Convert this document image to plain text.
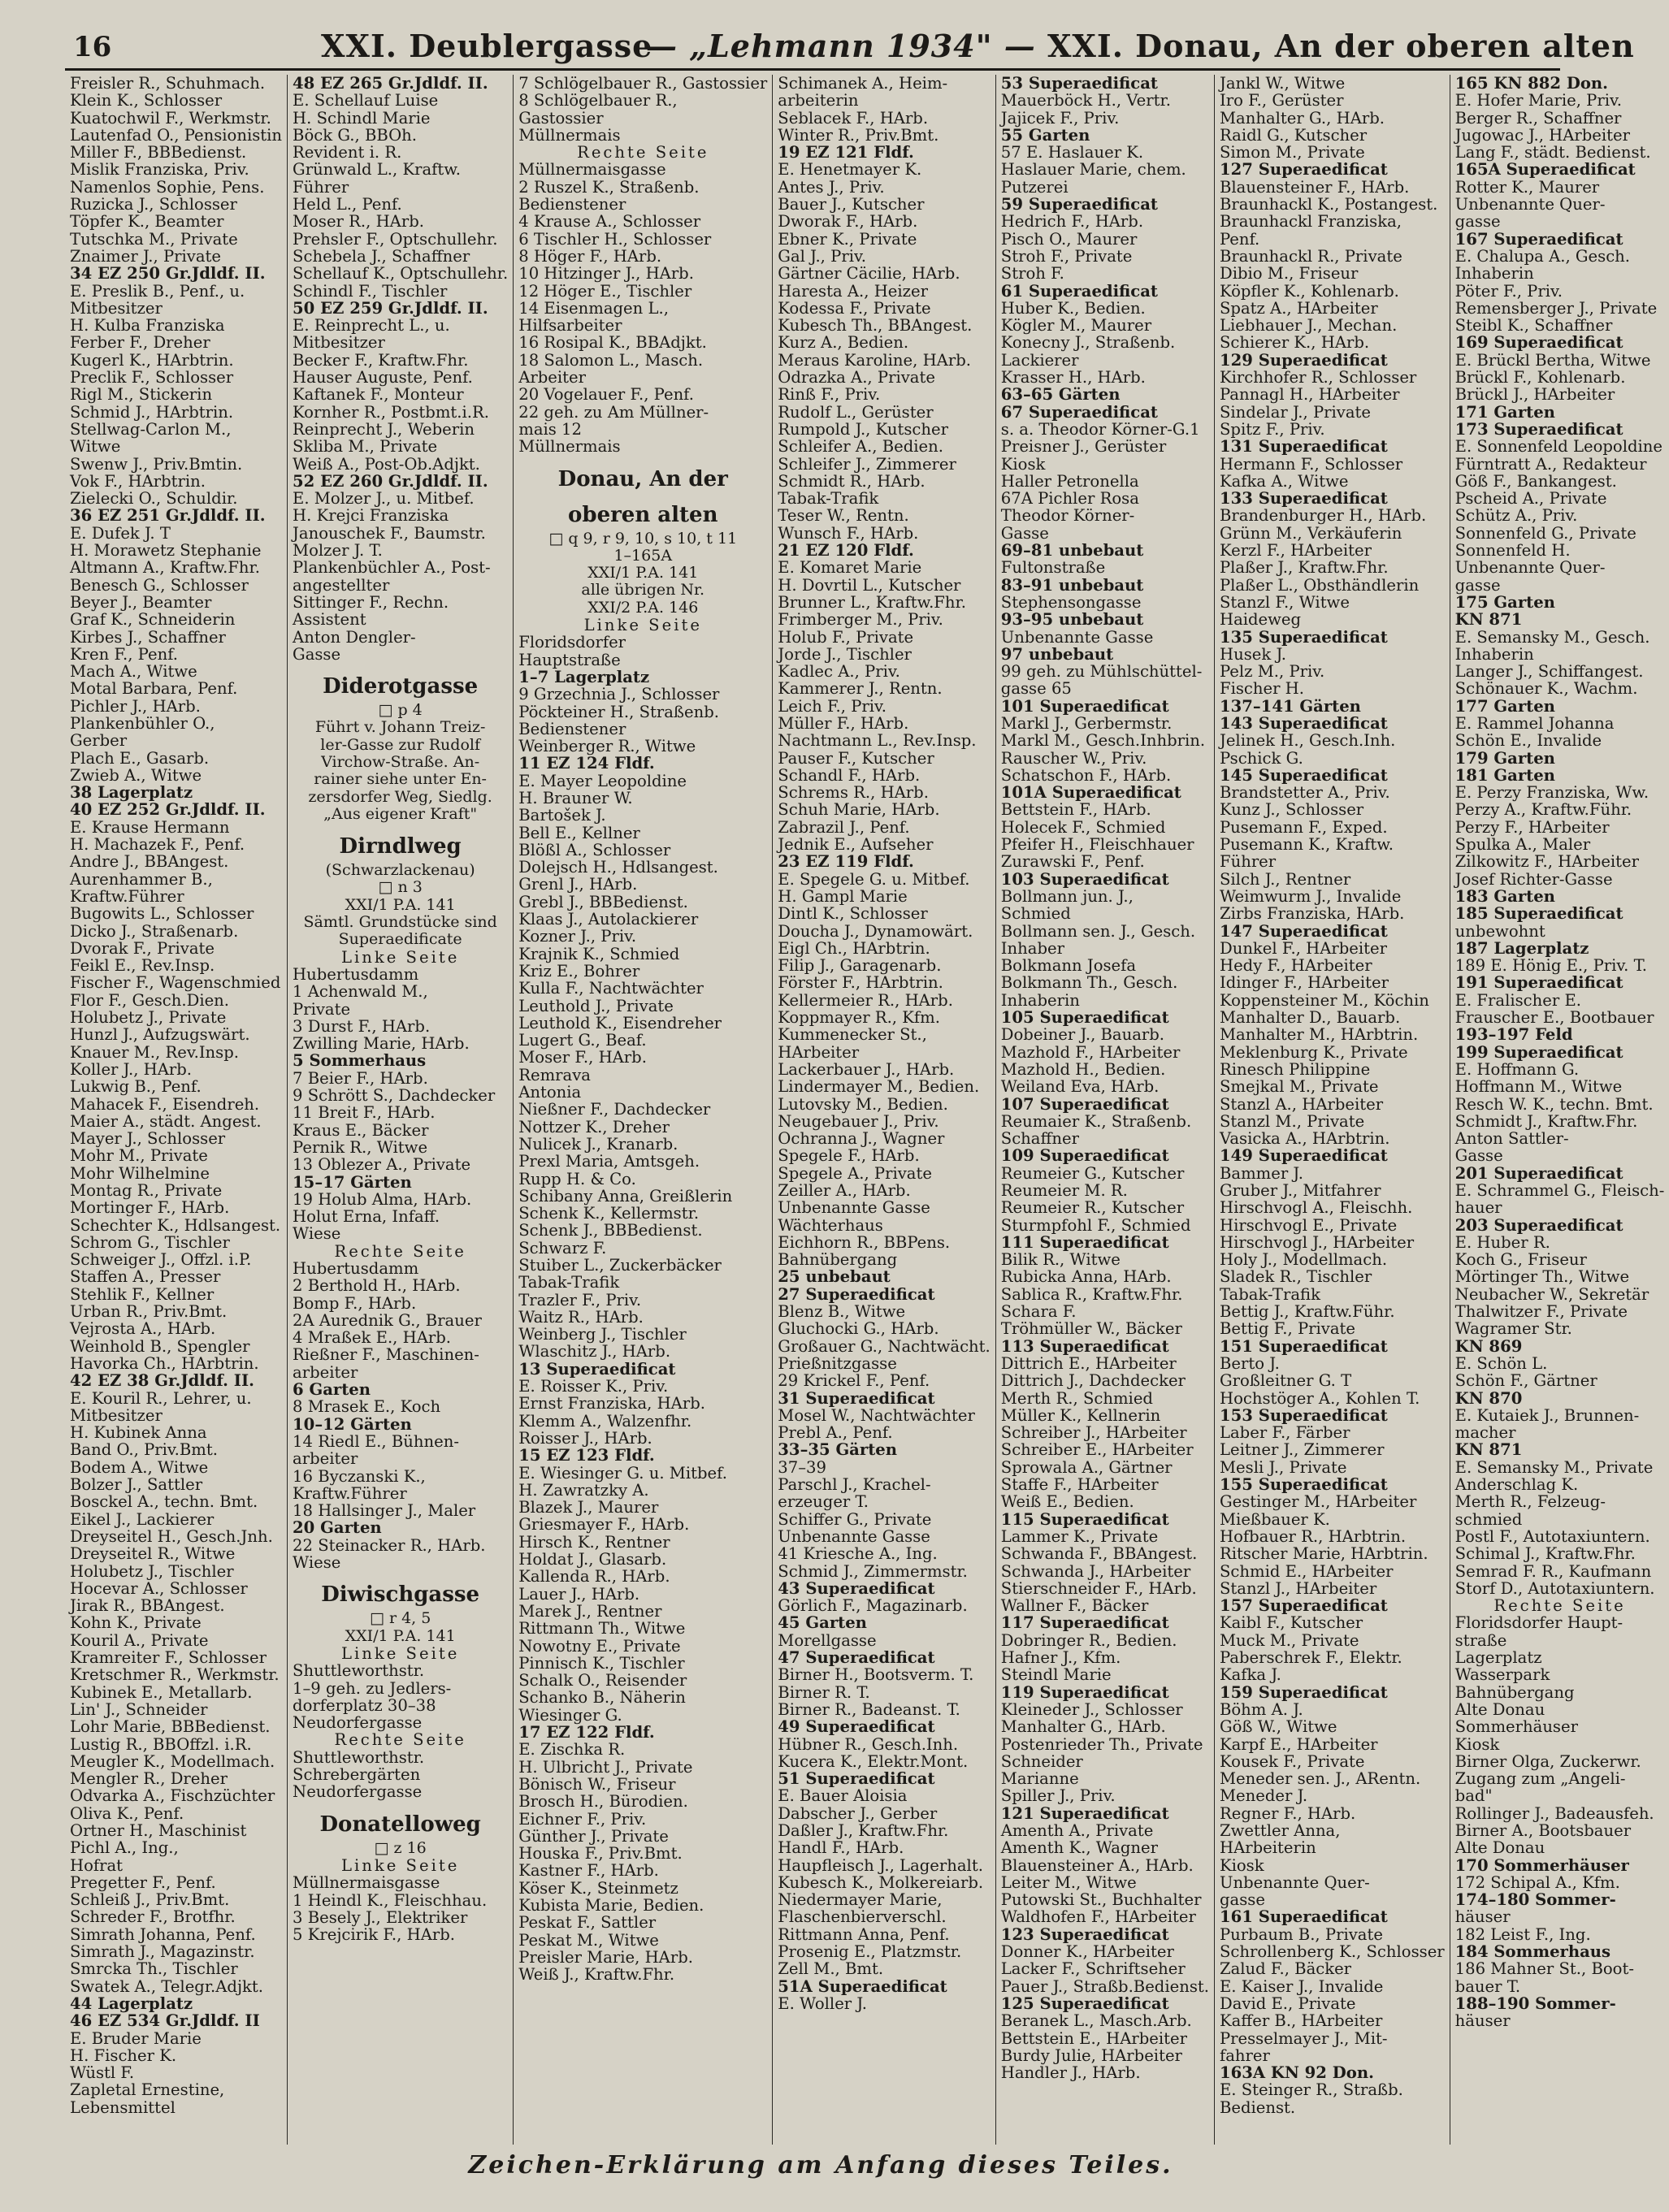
16	XXI. Deublergasse
— „Lehmann 1934" — XXI. Donau, An der oberen alten
Freisler R., Schuhmach.
Klein K., Schlosser
Kuatochwil F., Werkmstr.
Lautenfad O., Pensionistin
Miller F., BBBedienst.
Mislik Franziska, Priv.
Namenlos Sophie, Pens.
Ruzicka J., Schlosser
Töpfer K., Beamter
Tutschka M., Private
Znaimer J., Private
34 EZ 250 Gr.Jdldf. II.
E. Preslik B., Penf., u.
Mitbesitzer
H. Kulba Franziska
Ferber F., Dreher
Kugerl K., HArbtrin.
Preclik F., Schlosser
Rigl M., Stickerin
Schmid J., HArbtrin.
Stellwag-Carlon M.,
Witwe
Swenw J., Priv.Bmtin.
Vok F., HArbtrin.
Zielecki O., Schuldir.
36 EZ 251 Gr.Jdldf. II.
E. Dufek J. T
H. Morawetz Stephanie
Altmann A., Kraftw.Fhr.
Benesch G., Schlosser
Beyer J., Beamter
Graf K., Schneiderin
Kirbes J., Schaffner
Kren F., Penf.
Mach A., Witwe
Motal Barbara, Penf.
Pichler J., HArb.
Plankenbühler O.,
Gerber
Plach E., Gasarb.
Zwieb A., Witwe
38 Lagerplatz
40 EZ 252 Gr.Jdldf. II.
E. Krause Hermann
H. Machazek F., Penf.
Andre J., BBAngest.
Aurenhammer B.,
Kraftw.Führer
Bugowits L., Schlosser
Dicko J., Straßenarb.
Dvorak F., Private
Feikl E., Rev.Insp.
Fischer F., Wagenschmied
Flor F., Gesch.Dien.
Holubetz J., Private
Hunzl J., Aufzugswärt.
Knauer M., Rev.Insp.
Koller J., HArb.
Lukwig B., Penf.
Mahacek F., Eisendreh.
Maier A., städt. Angest.
Mayer J., Schlosser
Mohr M., Private
Mohr Wilhelmine
Montag R., Private
Mortinger F., HArb.
Schechter K., Hdlsangest.
Schrom G., Tischler
Schweiger J., Offzl. i.P.
Staffen A., Presser
Stehlik F., Kellner
Urban R., Priv.Bmt.
Vejrosta A., HArb.
Weinhold B., Spengler
Havorka Ch., HArbtrin.
42 EZ 38 Gr.Jdldf. II.
E. Kouril R., Lehrer, u.
Mitbesitzer
H. Kubinek Anna
Band O., Priv.Bmt.
Bodem A., Witwe
Bolzer J., Sattler
Bosckel A., techn. Bmt.
Eikel J., Lackierer
Dreyseitel H., Gesch.Jnh.
Dreyseitel R., Witwe
Holubetz J., Tischler
Hocevar A., Schlosser
Jirak R., BBAngest.
Kohn K., Private
Kouril A., Private
Kramreiter F., Schlosser
Kretschmer R., Werkmstr.
Kubinek E., Metallarb.
Lin' J., Schneider
Lohr Marie, BBBedienst.
Lustig R., BBOffzl. i.R.
Meugler K., Modellmach.
Mengler R., Dreher
Odvarka A., Fischzüchter
Oliva K., Penf.
Ortner H., Maschinist
Pichl A., Ing.,
Hofrat
Pregetter F., Penf.
Schleiß J., Priv.Bmt.
Schreder F., Brotfhr.
Simrath Johanna, Penf.
Simrath J., Magazinstr.
Smrcka Th., Tischler
Swatek A., Telegr.Adjkt.
44 Lagerplatz
46 EZ 534 Gr.Jdldf. II
E. Bruder Marie
H. Fischer K.
Wüstl F.
Zapletal Ernestine,
Lebensmittel
48 EZ 265 Gr.Jdldf. II.
E. Schellauf Luise
H. Schindl Marie
Böck G., BBOh.
Revident i. R.
Grünwald L., Kraftw.
Führer
Held L., Penf.
Moser R., HArb.
Prehsler F., Optschullehr.
Schebela J., Schaffner
Schellauf K., Optschullehr.
Schindl F., Tischler
50 EZ 259 Gr.Jdldf. II.
E. Reinprecht L., u.
Mitbesitzer
Becker F., Kraftw.Fhr.
Hauser Auguste, Penf.
Kaftanek F., Monteur
Kornher R., Postbmt.i.R.
Reinprecht J., Weberin
Skliba M., Private
Weiß A., Post-Ob.Adjkt.
52 EZ 260 Gr.Jdldf. II.
E. Molzer J., u. Mitbef.
H. Krejci Franziska
Janouschek F., Baumstr.
Molzer J. T.
Plankenbüchler A., Post-
angestellter
Sittinger F., Rechn.
Assistent
Anton Dengler-
Gasse
Diderotgasse
□ p 4
Führt v. Johann Treiz-
ler-Gasse zur Rudolf
Virchow-Straße. An-
rainer siehe unter En-
zersdorfer Weg, Siedlg.
„Aus eigener Kraft"
Dirndlweg
(Schwarzlackenau)
□ n 3
XXI/1 P.A. 141
Sämtl. Grundstücke sind
Superaedificate
Linke Seite
Hubertusdamm
1 Achenwald M.,
Private
3 Durst F., HArb.
Zwilling Marie, HArb.
5 Sommerhaus
7 Beier F., HArb.
9 Schrött S., Dachdecker
11 Breit F., HArb.
Kraus E., Bäcker
Pernik R., Witwe
13 Oblezer A., Private
15–17 Gärten
19 Holub Alma, HArb.
Holut Erna, Infaff.
Wiese
Rechte Seite
Hubertusdamm
2 Berthold H., HArb.
Bomp F., HArb.
2A Aurednik G., Brauer
4 Mraßek E., HArb.
Rießner F., Maschinen-
arbeiter
6 Garten
8 Mrasek E., Koch
10–12 Gärten
14 Riedl E., Bühnen-
arbeiter
16 Byczanski K.,
Kraftw.Führer
18 Hallsinger J., Maler
20 Garten
22 Steinacker R., HArb.
Wiese
Diwischgasse
□ r 4, 5
XXI/1 P.A. 141
Linke Seite
Shuttleworthstr.
1–9 geh. zu Jedlers-
dorferplatz 30–38
Neudorfergasse
Rechte Seite
Shuttleworthstr.
Schrebergärten
Neudorfergasse
Donatelloweg
□ z 16
Linke Seite
Müllnermaisgasse
1 Heindl K., Fleischhau.
3 Besely J., Elektriker
5 Krejcirik F., HArb.
7 Schlögelbauer R., Gastossier
8 Schlögelbauer R.,
Gastossier
Müllnermais
Rechte Seite
Müllnermaisgasse
2 Ruszel K., Straßenb.
Bedienstener
4 Krause A., Schlosser
6 Tischler H., Schlosser
8 Höger F., HArb.
10 Hitzinger J., HArb.
12 Höger E., Tischler
14 Eisenmagen L.,
Hilfsarbeiter
16 Rosipal K., BBAdjkt.
18 Salomon L., Masch.
Arbeiter
20 Vogelauer F., Penf.
22 geh. zu Am Müllner-
mais 12
Müllnermais
Donau, An der
oberen alten
□ q 9, r 9, 10, s 10, t 11
1–165A
XXI/1 P.A. 141
alle übrigen Nr.
XXI/2 P.A. 146
Linke Seite
Floridsdorfer
Hauptstraße
1–7 Lagerplatz
9 Grzechnia J., Schlosser
Pöckteiner H., Straßenb.
Bedienstener
Weinberger R., Witwe
11 EZ 124 Fldf.
E. Mayer Leopoldine
H. Brauner W.
Bartošek J.
Bell E., Kellner
Blößl A., Schlosser
Dolejsch H., Hdlsangest.
Grenl J., HArb.
Grebl J., BBBedienst.
Klaas J., Autolackierer
Kozner J., Priv.
Krajnik K., Schmied
Kriz E., Bohrer
Kulla F., Nachtwächter
Leuthold J., Private
Leuthold K., Eisendreher
Lugert G., Beaf.
Moser F., HArb.
Remrava
Antonia
Nießner F., Dachdecker
Nottzer K., Dreher
Nulicek J., Kranarb.
Prexl Maria, Amtsgeh.
Rupp H. & Co.
Schibany Anna, Greißlerin
Schenk K., Kellermstr.
Schenk J., BBBedienst.
Schwarz F.
Stuiber L., Zuckerbäcker
Tabak-Trafik
Trazler F., Priv.
Waitz R., HArb.
Weinberg J., Tischler
Wlaschitz J., HArb.
13 Superaedificat
E. Roisser K., Priv.
Ernst Franziska, HArb.
Klemm A., Walzenfhr.
Roisser J., HArb.
15 EZ 123 Fldf.
E. Wiesinger G. u. Mitbef.
H. Zawratzky A.
Blazek J., Maurer
Griesmayer F., HArb.
Hirsch K., Rentner
Holdat J., Glasarb.
Kallenda R., HArb.
Lauer J., HArb.
Marek J., Rentner
Rittmann Th., Witwe
Nowotny E., Private
Pinnisch K., Tischler
Schalk O., Reisender
Schanko B., Näherin
Wiesinger G.
17 EZ 122 Fldf.
E. Zischka R.
H. Ulbricht J., Private
Bönisch W., Friseur
Brosch H., Bürodien.
Eichner F., Priv.
Günther J., Private
Houska F., Priv.Bmt.
Kastner F., HArb.
Köser K., Steinmetz
Kubista Marie, Bedien.
Peskat F., Sattler
Peskat M., Witwe
Preisler Marie, HArb.
Weiß J., Kraftw.Fhr.
Schimanek A., Heim-
arbeiterin
Seblacek F., HArb.
Winter R., Priv.Bmt.
19 EZ 121 Fldf.
E. Henetmayer K.
Antes J., Priv.
Bauer J., Kutscher
Dworak F., HArb.
Ebner K., Private
Gal J., Priv.
Gärtner Cäcilie, HArb.
Haresta A., Heizer
Kodessa F., Private
Kubesch Th., BBAngest.
Kurz A., Bedien.
Meraus Karoline, HArb.
Odrazka A., Private
Rinß F., Priv.
Rudolf L., Gerüster
Rumpold J., Kutscher
Schleifer A., Bedien.
Schleifer J., Zimmerer
Schmidt R., HArb.
Tabak-Trafik
Teser W., Rentn.
Wunsch F., HArb.
21 EZ 120 Fldf.
E. Komaret Marie
H. Dovrtil L., Kutscher
Brunner L., Kraftw.Fhr.
Frimberger M., Priv.
Holub F., Private
Jorde J., Tischler
Kadlec A., Priv.
Kammerer J., Rentn.
Leich F., Priv.
Müller F., HArb.
Nachtmann L., Rev.Insp.
Pauser F., Kutscher
Schandl F., HArb.
Schrems R., HArb.
Schuh Marie, HArb.
Zabrazil J., Penf.
Jednik E., Aufseher
23 EZ 119 Fldf.
E. Spegele G. u. Mitbef.
H. Gampl Marie
Dintl K., Schlosser
Doucha J., Dynamowärt.
Eigl Ch., HArbtrin.
Filip J., Garagenarb.
Förster F., HArbtrin.
Kellermeier R., HArb.
Koppmayer R., Kfm.
Kummenecker St.,
HArbeiter
Lackerbauer J., HArb.
Lindermayer M., Bedien.
Lutovsky M., Bedien.
Neugebauer J., Priv.
Ochranna J., Wagner
Spegele F., HArb.
Spegele A., Private
Zeiller A., HArb.
Unbenannte Gasse
Wächterhaus
Eichhorn R., BBPens.
Bahnübergang
25 unbebaut
27 Superaedificat
Blenz B., Witwe
Gluchocki G., HArb.
Großauer G., Nachtwächt.
Prießnitzgasse
29 Krickel F., Penf.
31 Superaedificat
Mosel W., Nachtwächter
Prebl A., Penf.
33–35 Gärten
37–39
Parschl J., Krachel-
erzeuger T.
Schiffer G., Private
Unbenannte Gasse
41 Kriesche A., Ing.
Schmid J., Zimmermstr.
43 Superaedificat
Görlich F., Magazinarb.
45 Garten
Morellgasse
47 Superaedificat
Birner H., Bootsverm. T.
Birner R. T.
Birner R., Badeanst. T.
49 Superaedificat
Hübner R., Gesch.Inh.
Kucera K., Elektr.Mont.
51 Superaedificat
E. Bauer Aloisia
Dabscher J., Gerber
Daßler J., Kraftw.Fhr.
Handl F., HArb.
Haupfleisch J., Lagerhalt.
Kubesch K., Molkereiarb.
Niedermayer Marie,
Flaschenbierverschl.
Rittmann Anna, Penf.
Prosenig E., Platzmstr.
Zell M., Bmt.
51A Superaedificat
E. Woller J.
53 Superaedificat
Mauerböck H., Vertr.
Jajicek F., Priv.
55 Garten
57 E. Haslauer K.
Haslauer Marie, chem.
Putzerei
59 Superaedificat
Hedrich F., HArb.
Pisch O., Maurer
Stroh F., Private
Stroh F.
61 Superaedificat
Huber K., Bedien.
Kögler M., Maurer
Konecny J., Straßenb.
Lackierer
Krasser H., HArb.
63–65 Gärten
67 Superaedificat
s. a. Theodor Körner-G.1
Preisner J., Gerüster
Kiosk
Haller Petronella
67A Pichler Rosa
Theodor Körner-
Gasse
69–81 unbebaut
Fultonstraße
83–91 unbebaut
Stephensongasse
93–95 unbebaut
Unbenannte Gasse
97 unbebaut
99 geh. zu Mühlschüttel-
gasse 65
101 Superaedificat
Markl J., Gerbermstr.
Markl M., Gesch.Inhbrin.
Rauscher W., Priv.
Schatschon F., HArb.
101A Superaedificat
Bettstein F., HArb.
Holecek F., Schmied
Pfeifer H., Fleischhauer
Zurawski F., Penf.
103 Superaedificat
Bollmann jun. J.,
Schmied
Bollmann sen. J., Gesch.
Inhaber
Bolkmann Josefa
Bolkmann Th., Gesch.
Inhaberin
105 Superaedificat
Dobeiner J., Bauarb.
Mazhold F., HArbeiter
Mazhold H., Bedien.
Weiland Eva, HArb.
107 Superaedificat
Reumaier K., Straßenb.
Schaffner
109 Superaedificat
Reumeier G., Kutscher
Reumeier M. R.
Reumeier R., Kutscher
Sturmpfohl F., Schmied
111 Superaedificat
Bilik R., Witwe
Rubicka Anna, HArb.
Sablica R., Kraftw.Fhr.
Schara F.
Tröhmüller W., Bäcker
113 Superaedificat
Dittrich E., HArbeiter
Dittrich J., Dachdecker
Merth R., Schmied
Müller K., Kellnerin
Schreiber J., HArbeiter
Schreiber E., HArbeiter
Sprowala A., Gärtner
Staffe F., HArbeiter
Weiß E., Bedien.
115 Superaedificat
Lammer K., Private
Schwanda F., BBAngest.
Schwanda J., HArbeiter
Stierschneider F., HArb.
Wallner F., Bäcker
117 Superaedificat
Dobringer R., Bedien.
Hafner J., Kfm.
Steindl Marie
119 Superaedificat
Kleineder J., Schlosser
Manhalter G., HArb.
Postenrieder Th., Private
Schneider
Marianne
Spiller J., Priv.
121 Superaedificat
Amenth A., Private
Amenth K., Wagner
Blauensteiner A., HArb.
Leiter M., Witwe
Putowski St., Buchhalter
Waldhofen F., HArbeiter
123 Superaedificat
Donner K., HArbeiter
Lacker F., Schriftseher
Pauer J., Straßb.Bedienst.
125 Superaedificat
Beranek L., Masch.Arb.
Bettstein E., HArbeiter
Burdy Julie, HArbeiter
Handler J., HArb.
Jankl W., Witwe
Iro F., Gerüster
Manhalter G., HArb.
Raidl G., Kutscher
Simon M., Private
127 Superaedificat
Blauensteiner F., HArb.
Braunhackl K., Postangest.
Braunhackl Franziska,
Penf.
Braunhackl R., Private
Dibio M., Friseur
Köpfler K., Kohlenarb.
Spatz A., HArbeiter
Liebhauer J., Mechan.
Schierer K., HArb.
129 Superaedificat
Kirchhofer R., Schlosser
Pannagl H., HArbeiter
Sindelar J., Private
Spitz F., Priv.
131 Superaedificat
Hermann F., Schlosser
Kafka A., Witwe
133 Superaedificat
Brandenburger H., HArb.
Grünn M., Verkäuferin
Kerzl F., HArbeiter
Plaßer J., Kraftw.Fhr.
Plaßer L., Obsthändlerin
Stanzl F., Witwe
Haideweg
135 Superaedificat
Husek J.
Pelz M., Priv.
Fischer H.
137–141 Gärten
143 Superaedificat
Jelinek H., Gesch.Inh.
Pschick G.
145 Superaedificat
Brandstetter A., Priv.
Kunz J., Schlosser
Pusemann F., Exped.
Pusemann K., Kraftw.
Führer
Silch J., Rentner
Weimwurm J., Invalide
Zirbs Franziska, HArb.
147 Superaedificat
Dunkel F., HArbeiter
Hedy F., HArbeiter
Idinger F., HArbeiter
Koppensteiner M., Köchin
Manhalter D., Bauarb.
Manhalter M., HArbtrin.
Meklenburg K., Private
Rinesch Philippine
Smejkal M., Private
Stanzl A., HArbeiter
Stanzl M., Private
Vasicka A., HArbtrin.
149 Superaedificat
Bammer J.
Gruber J., Mitfahrer
Hirschvogl A., Fleischh.
Hirschvogl E., Private
Hirschvogl J., HArbeiter
Holy J., Modellmach.
Sladek R., Tischler
Tabak-Trafik
Bettig J., Kraftw.Führ.
Bettig F., Private
151 Superaedificat
Berto J.
Großleitner G. T
Hochstöger A., Kohlen T.
153 Superaedificat
Laber F., Färber
Leitner J., Zimmerer
Mesli J., Private
155 Superaedificat
Gestinger M., HArbeiter
Mießbauer K.
Hofbauer R., HArbtrin.
Ritscher Marie, HArbtrin.
Schmid E., HArbeiter
Stanzl J., HArbeiter
157 Superaedificat
Kaibl F., Kutscher
Muck M., Private
Paberschrek F., Elektr.
Kafka J.
159 Superaedificat
Böhm A. J.
Göß W., Witwe
Karpf E., HArbeiter
Kousek F., Private
Meneder sen. J., ARentn.
Meneder J.
Regner F., HArb.
Zwettler Anna,
HArbeiterin
Kiosk
Unbenannte Quer-
gasse
161 Superaedificat
Purbaum B., Private
Schrollenberg K., Schlosser
Zalud F., Bäcker
E. Kaiser J., Invalide
David E., Private
Kaffer B., HArbeiter
Presselmayer J., Mit-
fahrer
163A KN 92 Don.
E. Steinger R., Straßb.
Bedienst.
165 KN 882 Don.
E. Hofer Marie, Priv.
Berger R., Schaffner
Jugowac J., HArbeiter
Lang F., städt. Bedienst.
165A Superaedificat
Rotter K., Maurer
Unbenannte Quer-
gasse
167 Superaedificat
E. Chalupa A., Gesch.
Inhaberin
Pöter F., Priv.
Remensberger J., Private
Steibl K., Schaffner
169 Superaedificat
E. Brückl Bertha, Witwe
Brückl F., Kohlenarb.
Brückl J., HArbeiter
171 Garten
173 Superaedificat
E. Sonnenfeld Leopoldine
Fürntratt A., Redakteur
Göß F., Bankangest.
Pscheid A., Private
Schütz A., Priv.
Sonnenfeld G., Private
Sonnenfeld H.
Unbenannte Quer-
gasse
175 Garten
KN 871
E. Semansky M., Gesch.
Inhaberin
Langer J., Schiffangest.
Schönauer K., Wachm.
177 Garten
E. Rammel Johanna
Schön E., Invalide
179 Garten
181 Garten
E. Perzy Franziska, Ww.
Perzy A., Kraftw.Führ.
Perzy F., HArbeiter
Spulka A., Maler
Zilkowitz F., HArbeiter
Josef Richter-Gasse
183 Garten
185 Superaedificat
unbewohnt
187 Lagerplatz
189 E. Hönig E., Priv. T.
191 Superaedificat
E. Fralischer E.
Frauscher E., Bootbauer
193–197 Feld
199 Superaedificat
E. Hoffmann G.
Hoffmann M., Witwe
Resch W. K., techn. Bmt.
Schmidt J., Kraftw.Fhr.
Anton Sattler-
Gasse
201 Superaedificat
E. Schrammel G., Fleisch-
hauer
203 Superaedificat
E. Huber R.
Koch G., Friseur
Mörtinger Th., Witwe
Neubacher W., Sekretär
Thalwitzer F., Private
Wagramer Str.
KN 869
E. Schön L.
Schön F., Gärtner
KN 870
E. Kutaiek J., Brunnen-
macher
KN 871
E. Semansky M., Private
Anderschlag K.
Merth R., Felzeug-
schmied
Postl F., Autotaxiuntern.
Schimal J., Kraftw.Fhr.
Semrad F. R., Kaufmann
Storf D., Autotaxiuntern.
Rechte Seite
Floridsdorfer Haupt-
straße
Lagerplatz
Wasserpark
Bahnübergang
Alte Donau
Sommerhäuser
Kiosk
Birner Olga, Zuckerwr.
Zugang zum „Angeli-
bad"
Rollinger J., Badeausfeh.
Birner A., Bootsbauer
Alte Donau
170 Sommerhäuser
172 Schipal A., Kfm.
174–180 Sommer-
häuser
182 Leist F., Ing.
184 Sommerhaus
186 Mahner St., Boot-
bauer T.
188–190 Sommer-
häuser
Zeichen-Erklärung am Anfang dieses Teiles.
